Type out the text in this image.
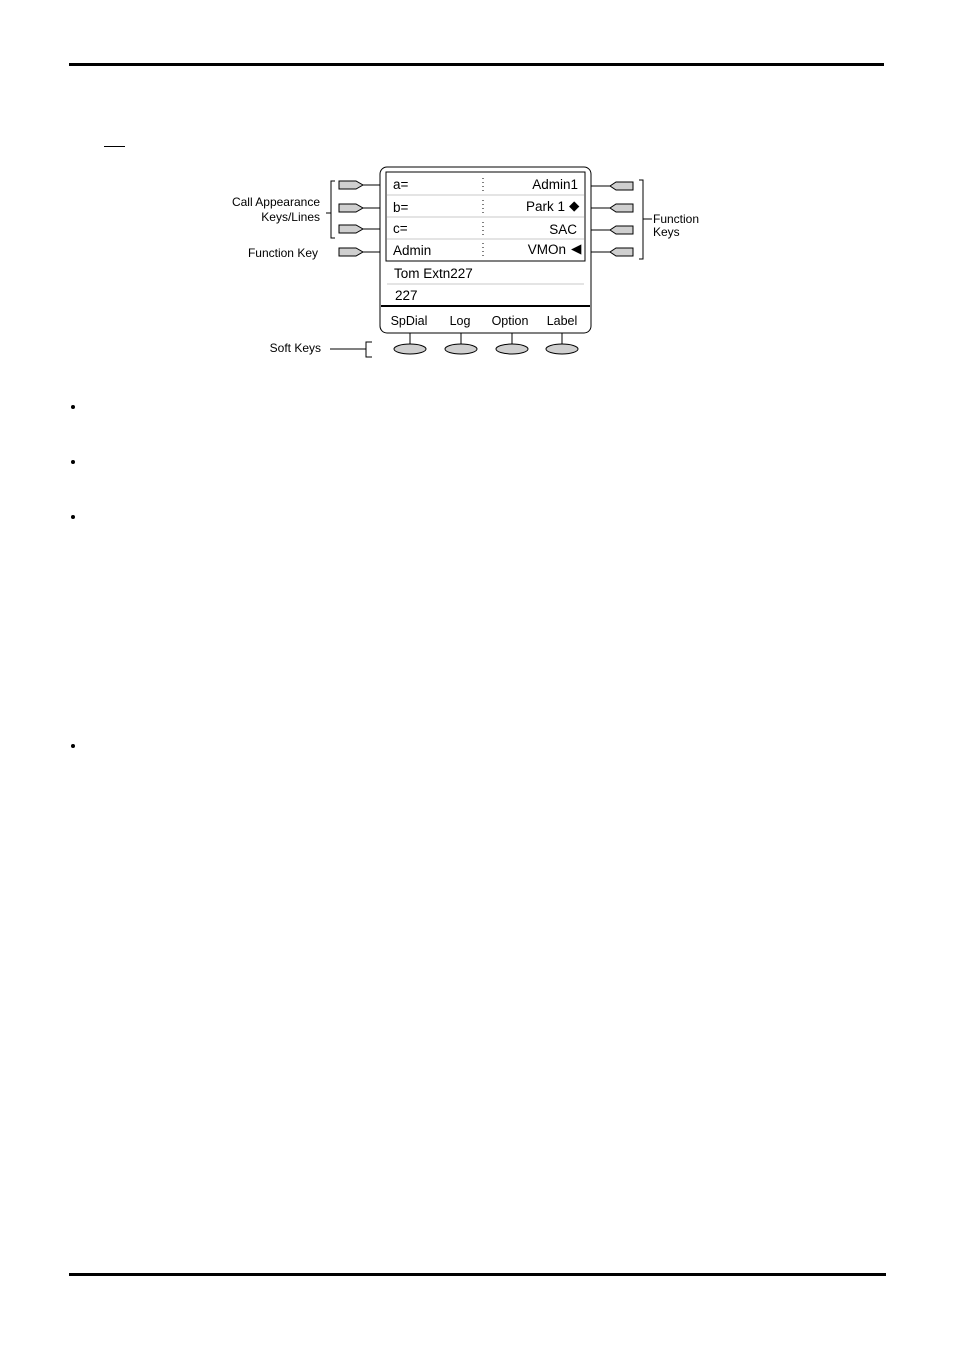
Call Appearance
Keys/Lines
Function Key
Soft Keys
Function
Keys
a=	Admin1
b=	Park 1 ◆
c=	SAC
Admin	VMOn ◀
Tom Extn227
227
SpDial Log Option Label
